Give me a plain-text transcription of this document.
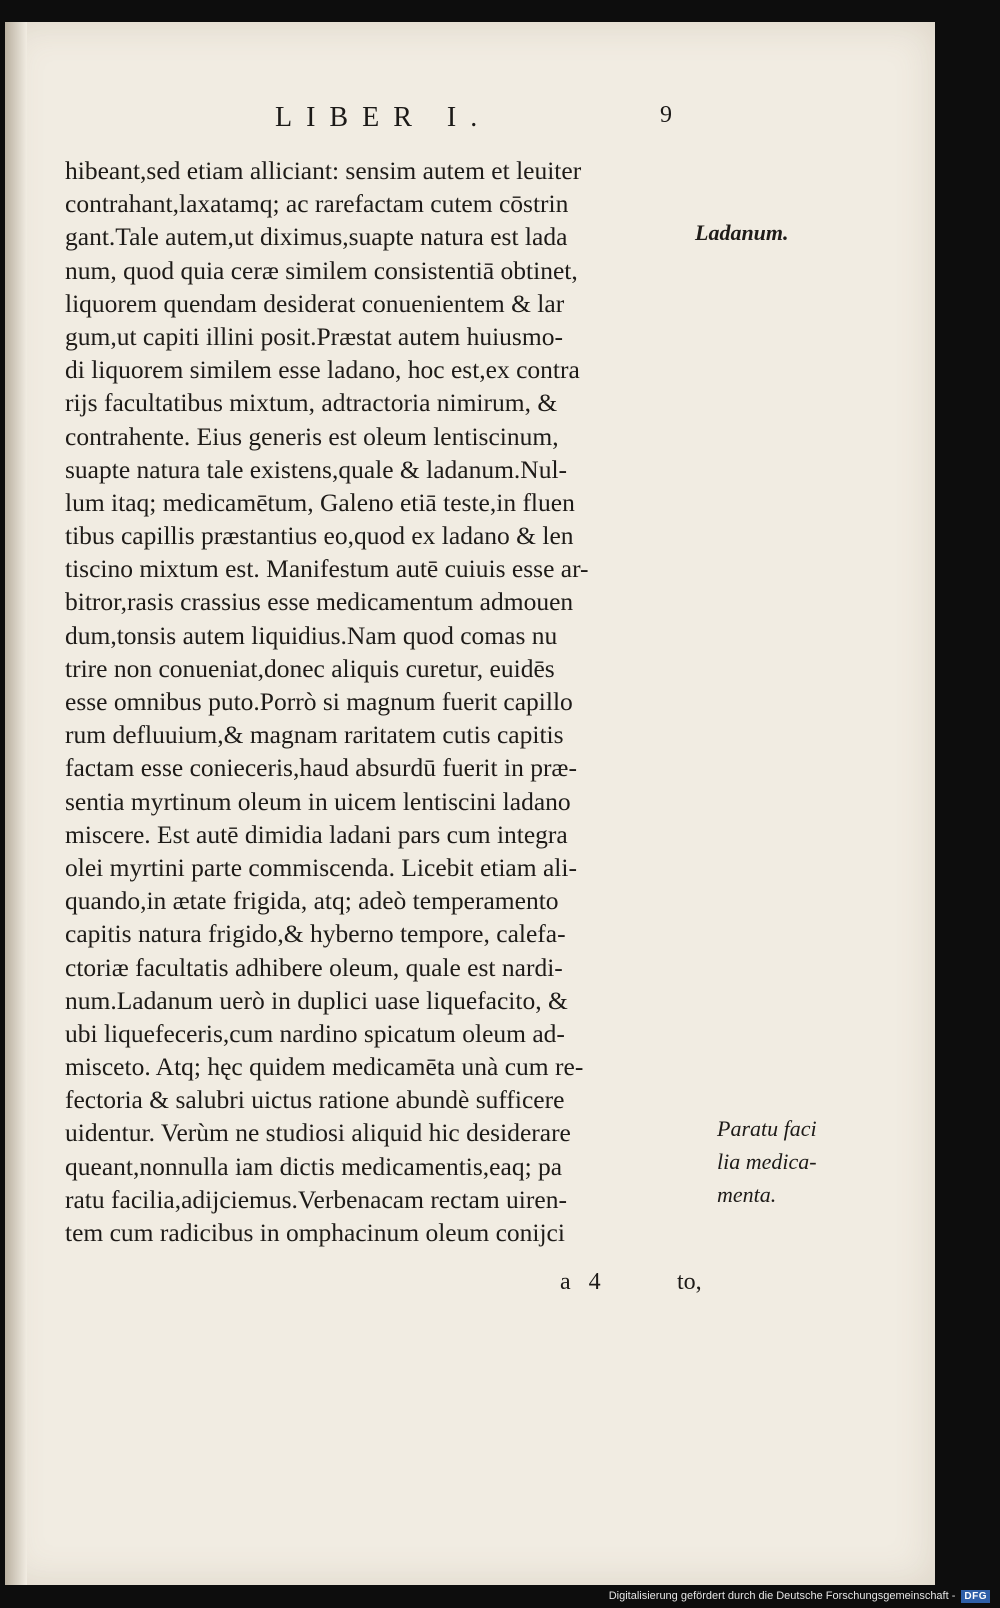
LIBER I.	9
hibeant,sed etiam alliciant: sensim autem et leuiter
contrahant,laxatamq; ac rarefactam cutem cōstrin
gant.Tale autem,ut diximus,suapte natura est lada
num, quod quia ceræ similem consistentiā obtinet,
liquorem quendam desiderat conuenientem & lar
gum,ut capiti illini posit.Præstat autem huiusmo-
di liquorem similem esse ladano, hoc est,ex contra
rijs facultatibus mixtum, adtractoria nimirum, &
contrahente. Eius generis est oleum lentiscinum,
suapte natura tale existens,quale & ladanum.Nul-
lum itaq; medicamētum, Galeno etiā teste,in fluen
tibus capillis præstantius eo,quod ex ladano & len
tiscino mixtum est. Manifestum autē cuiuis esse ar-
bitror,rasis crassius esse medicamentum admouen
dum,tonsis autem liquidius.Nam quod comas nu
trire non conueniat,donec aliquis curetur, euidēs
esse omnibus puto.Porrò si magnum fuerit capillo
rum defluuium,& magnam raritatem cutis capitis
factam esse conieceris,haud absurdū fuerit in præ-
sentia myrtinum oleum in uicem lentiscini ladano
miscere. Est autē dimidia ladani pars cum integra
olei myrtini parte commiscenda. Licebit etiam ali-
quando,in ætate frigida, atq; adeò temperamento
capitis natura frigido,& hyberno tempore, calefa-
ctoriæ facultatis adhibere oleum, quale est nardi-
num.Ladanum uerò in duplici uase liquefacito, &
ubi liquefeceris,cum nardino spicatum oleum ad-
misceto. Atq; hęc quidem medicamēta unà cum re-
fectoria & salubri uictus ratione abundè sufficere
uidentur. Verùm ne studiosi aliquid hic desiderare
queant,nonnulla iam dictis medicamentis,eaq; pa
ratu facilia,adijciemus.Verbenacam rectam uiren-
tem cum radicibus in omphacinum oleum conijci
Ladanum.
Paratu faci
lia medica-
menta.
a 4	to,
Digitalisierung gefördert durch die Deutsche Forschungsgemeinschaft - DFG
